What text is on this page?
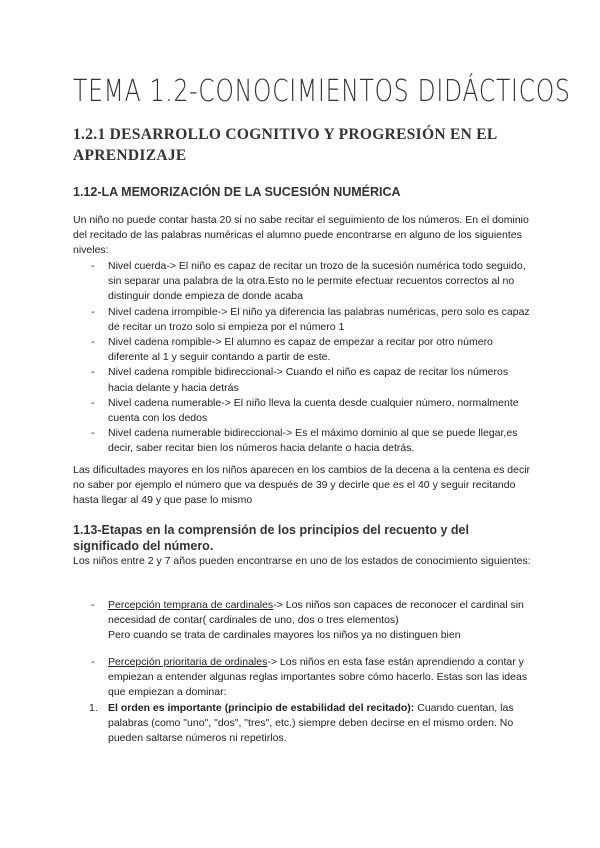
TEMA 1.2-CONOCIMIENTOS DIDÁCTICOS
1.2.1 DESARROLLO COGNITIVO Y PROGRESIÓN EN EL APRENDIZAJE
1.12-LA MEMORIZACIÓN DE LA SUCESIÓN NUMÉRICA

Un niño no puede contar hasta 20 si no sabe recitar el seguimiento de los números. En el dominio del recitado de las palabras numéricas el alumno puede encontrarse en alguno de los siguientes niveles:

- Nivel cuerda-> El niño es capaz de recitar un trozo de la sucesión numérica todo seguido, sin separar una palabra de la otra.Esto no le permite efectuar recuentos correctos al no distinguir donde empieza de donde acaba
- Nivel cadena irrompible-> El niño ya diferencia las palabras numéricas, pero solo es capaz de recitar un trozo solo si empieza por el número 1
- Nivel cadena rompible-> El alumno es capaz de empezar a recitar por otro número diferente al 1 y seguir contando a partir de este.
- Nivel cadena rompible bidireccional-> Cuando el niño es capaz de recitar los números hacia delante y hacia detrás
- Nivel cadena numerable-> El niño lleva la cuenta desde cualquier número, normalmente cuenta con los dedos
- Nivel cadena numerable bidireccional-> Es el máximo dominio al que se puede llegar,es decir, saber recitar bien los números hacia delante o hacia detrás.

Las dificultades mayores en los niños aparecen en los cambios de la decena a la centena es decir no saber por ejemplo el número que va después de 39 y decirle que es el 40 y seguir recitando hasta llegar al 49 y que pase lo mismo

1.13-Etapas en la comprensión de los principios del recuento y del significado del número.

Los niños entre 2 y 7 años pueden encontrarse en uno de los estados de conocimiento siguientes:

- Percepción temprana de cardinales-> Los niños son capaces de reconocer el cardinal sin necesidad de contar( cardinales de uno, dos o tres elementos)
Pero cuando se trata de cardinales mayores los niños ya no distinguen bien
- Percepción prioritaria de ordinales-> Los niños en esta fase están aprendiendo a contar y empiezan a entender algunas reglas importantes sobre cómo hacerlo. Estas son las ideas que empiezan a dominar:
1. El orden es importante (principio de estabilidad del recitado): Cuando cuentan, las palabras (como "uno", "dos", "tres", etc.) siempre deben decirse en el mismo orden. No pueden saltarse números ni repetirlos.
